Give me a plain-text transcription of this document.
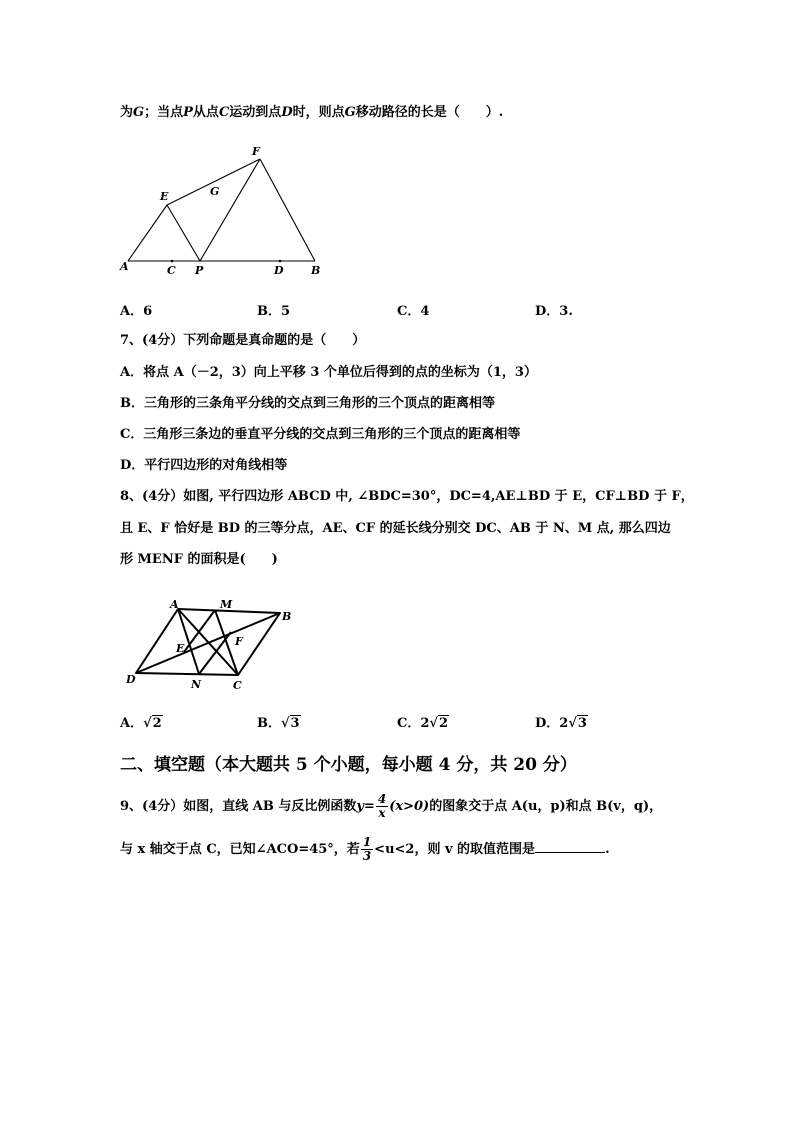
为G；当点P从点C运动到点D时，则点G移动路径的长是（　　）.
A	C P	D B
E	G
F
A．6	B．5	C．4	D．3.
7、(4分）下列命题是真命题的是（　　）
A．将点 A（－2，3）向上平移 3 个单位后得到的点的坐标为（1，3）
B．三角形的三条角平分线的交点到三角形的三个顶点的距离相等
C．三角形三条边的垂直平分线的交点到三角形的三个顶点的距离相等
D．平行四边形的对角线相等
8、(4分）如图, 平行四边形 ABCD 中, ∠BDC=30°，DC=4,AE⊥BD 于 E，CF⊥BD 于 F，
且 E、F 恰好是 BD 的三等分点，AE、CF 的延长线分别交 DC、AB 于 N、M 点, 那么四边
形 MENF 的面积是(　　)
A	M
B
E
F
D	N	C
A．√2	B．√3	C．2√2	D．2√3
二、填空题（本大题共 5 个小题，每小题 4 分，共 20 分）
9、(4分）如图，直线 AB 与反比例函数$y= \frac{4}{x} (x>0)$的图象交于点 A(u，p)和点 B(v，q)，
与 x 轴交于点 C，已知∠ACO=45°，若 $\frac{1}{3} <u<2$，则 v 的取值范围是	.
